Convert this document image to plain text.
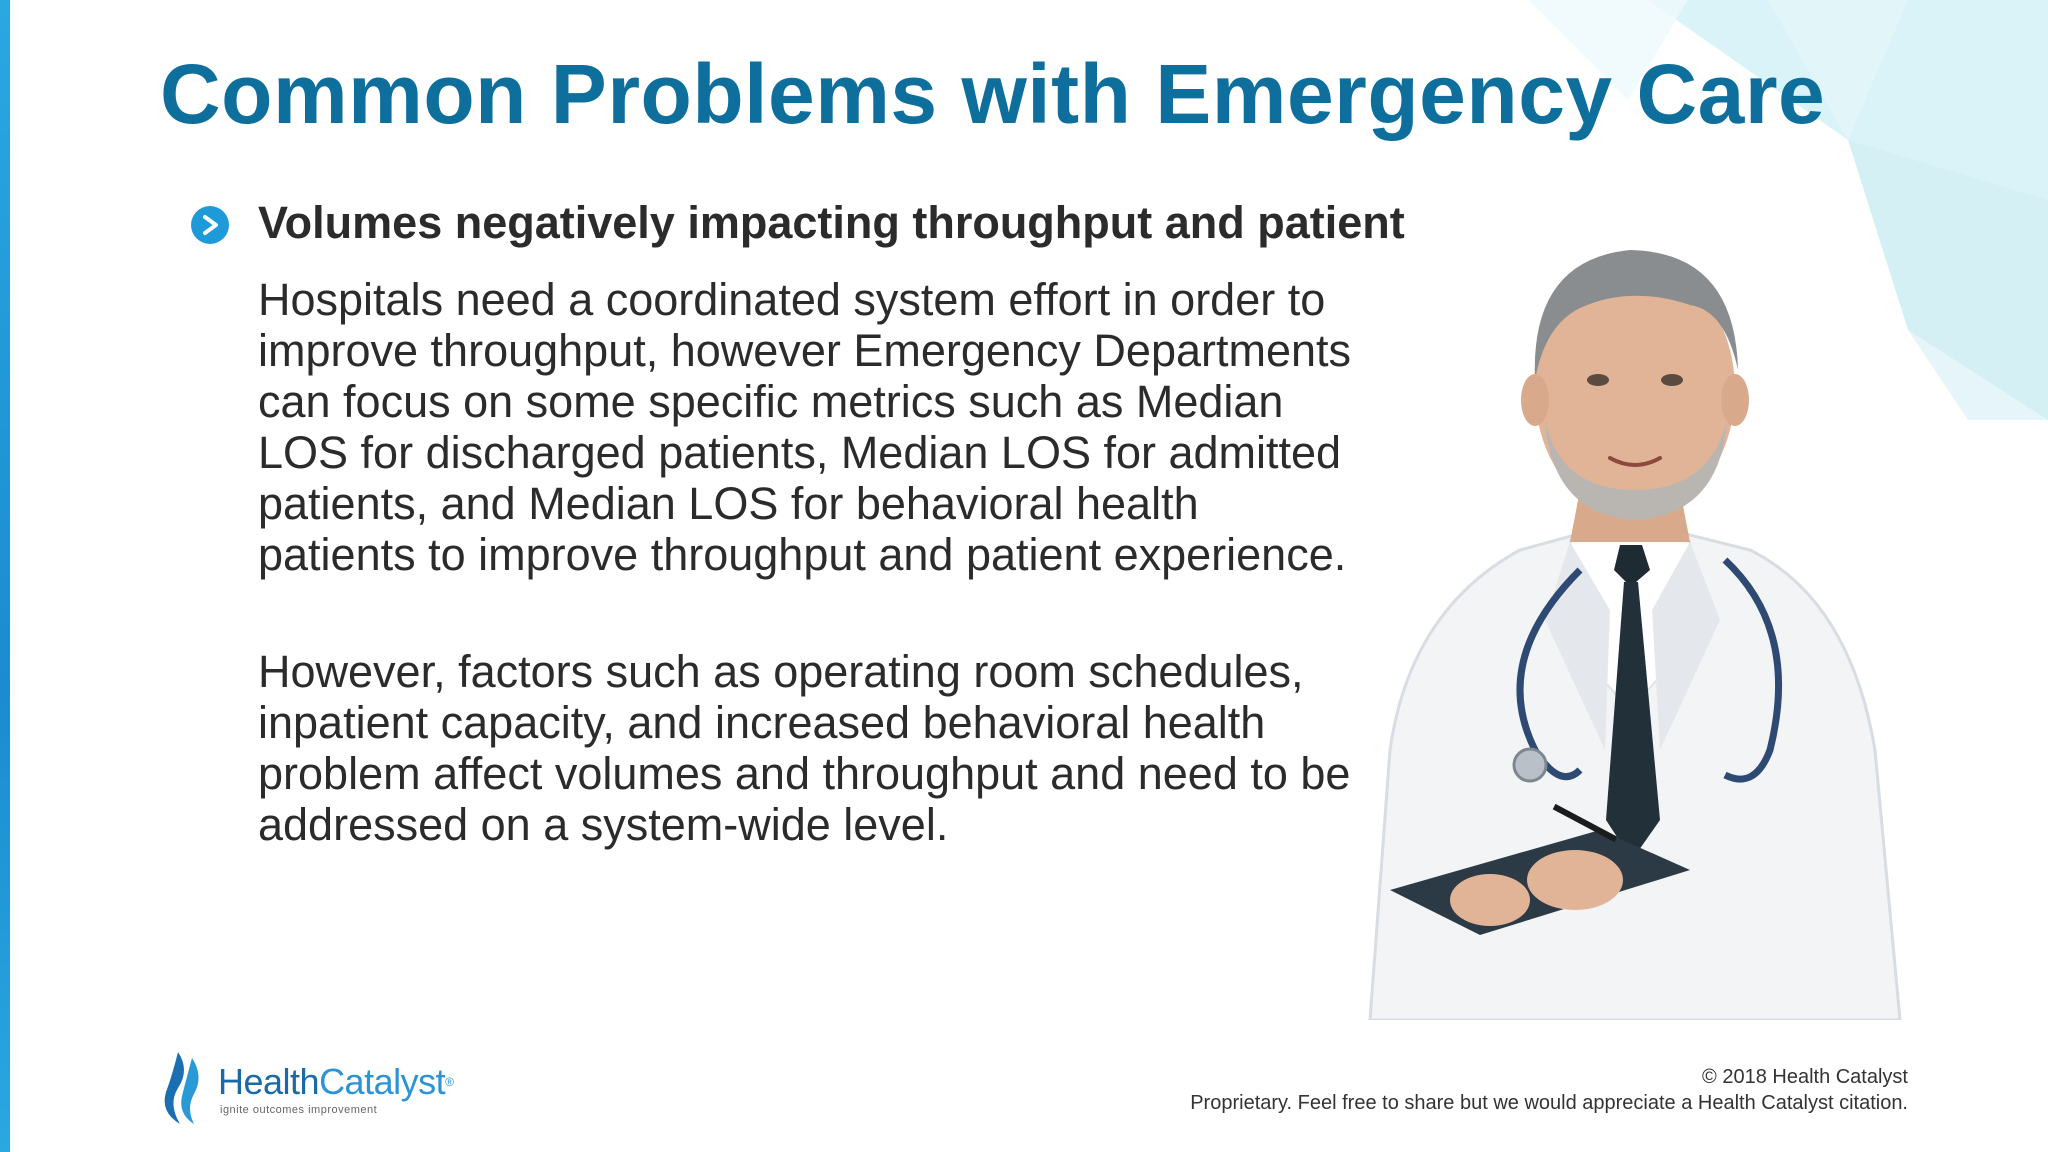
Common Problems with Emergency Care
Volumes negatively impacting throughput and patient

Hospitals need a coordinated system effort in order to improve throughput, however Emergency Departments can focus on some specific metrics such as Median LOS for discharged patients, Median LOS for admitted patients, and Median LOS for behavioral health patients to improve throughput and patient experience.

However, factors such as operating room schedules, inpatient capacity, and increased behavioral health problem affect volumes and throughput and need to be addressed on a system-wide level.

HealthCatalyst®
ignite outcomes improvement
© 2018 Health Catalyst
Proprietary. Feel free to share but we would appreciate a Health Catalyst citation.
